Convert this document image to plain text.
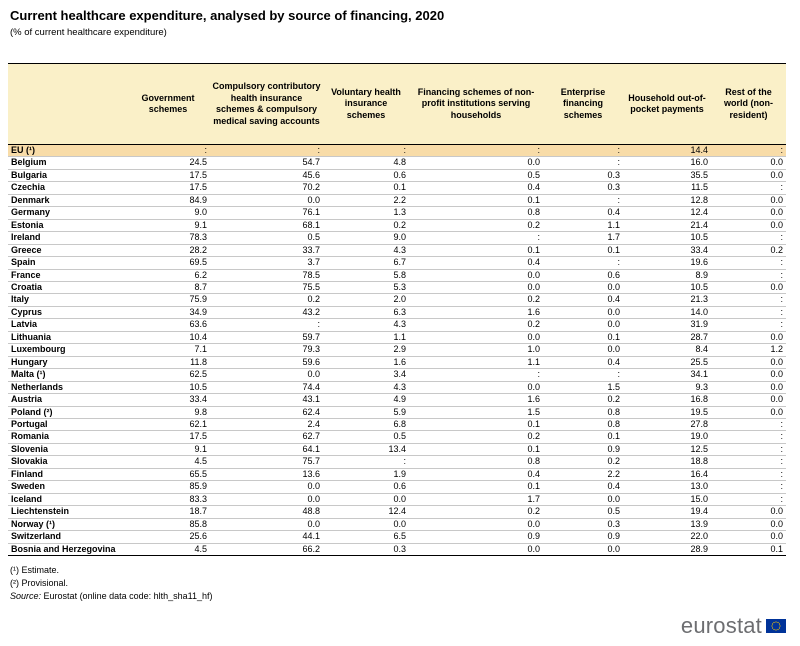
Current healthcare expenditure, analysed by source of financing, 2020
(% of current healthcare expenditure)
	Government schemes	Compulsory contributory health insurance schemes & compulsory medical saving accounts	Voluntary health insurance schemes	Financing schemes of non-profit institutions serving households	Enterprise financing schemes	Household out-of-pocket payments	Rest of the world (non-resident)
EU (¹)	:	:	:	:	:	14.4	:
Belgium	24.5	54.7	4.8	0.0	:	16.0	0.0
Bulgaria	17.5	45.6	0.6	0.5	0.3	35.5	0.0
Czechia	17.5	70.2	0.1	0.4	0.3	11.5	:
Denmark	84.9	0.0	2.2	0.1	:	12.8	0.0
Germany	9.0	76.1	1.3	0.8	0.4	12.4	0.0
Estonia	9.1	68.1	0.2	0.2	1.1	21.4	0.0
Ireland	78.3	0.5	9.0	:	1.7	10.5	:
Greece	28.2	33.7	4.3	0.1	0.1	33.4	0.2
Spain	69.5	3.7	6.7	0.4	:	19.6	:
France	6.2	78.5	5.8	0.0	0.6	8.9	:
Croatia	8.7	75.5	5.3	0.0	0.0	10.5	0.0
Italy	75.9	0.2	2.0	0.2	0.4	21.3	:
Cyprus	34.9	43.2	6.3	1.6	0.0	14.0	:
Latvia	63.6	:	4.3	0.2	0.0	31.9	:
Lithuania	10.4	59.7	1.1	0.0	0.1	28.7	0.0
Luxembourg	7.1	79.3	2.9	1.0	0.0	8.4	1.2
Hungary	11.8	59.6	1.6	1.1	0.4	25.5	0.0
Malta (¹)	62.5	0.0	3.4	:	:	34.1	0.0
Netherlands	10.5	74.4	4.3	0.0	1.5	9.3	0.0
Austria	33.4	43.1	4.9	1.6	0.2	16.8	0.0
Poland (²)	9.8	62.4	5.9	1.5	0.8	19.5	0.0
Portugal	62.1	2.4	6.8	0.1	0.8	27.8	:
Romania	17.5	62.7	0.5	0.2	0.1	19.0	:
Slovenia	9.1	64.1	13.4	0.1	0.9	12.5	:
Slovakia	4.5	75.7	:	0.8	0.2	18.8	:
Finland	65.5	13.6	1.9	0.4	2.2	16.4	:
Sweden	85.9	0.0	0.6	0.1	0.4	13.0	:
Iceland	83.3	0.0	0.0	1.7	0.0	15.0	:
Liechtenstein	18.7	48.8	12.4	0.2	0.5	19.4	0.0
Norway (¹)	85.8	0.0	0.0	0.0	0.3	13.9	0.0
Switzerland	25.6	44.1	6.5	0.9	0.9	22.0	0.0
Bosnia and Herzegovina	4.5	66.2	0.3	0.0	0.0	28.9	0.1
(¹) Estimate.
(²) Provisional.
Source: Eurostat (online data code: hlth_sha11_hf)
eurostat
